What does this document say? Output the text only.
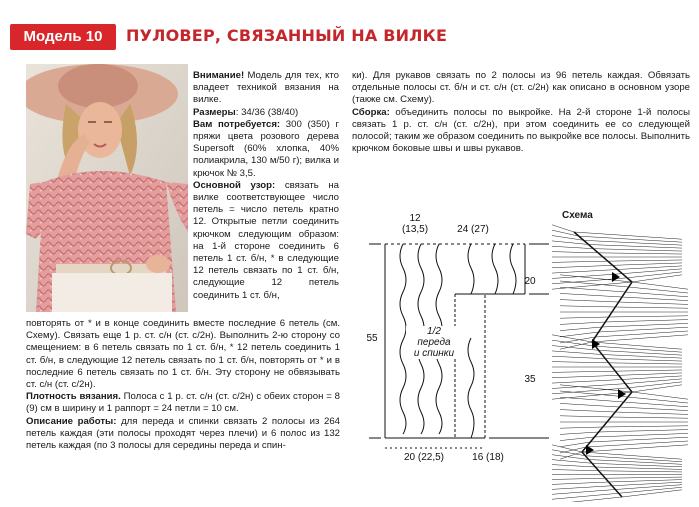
Модель 10	ПУЛОВЕР, СВЯЗАННЫЙ НА ВИЛКЕ

Внимание! Модель для тех, кто владеет техникой вязания на вилке.

Размеры: 34/36 (38/40)

Вам потребуется: 300 (350) г пряжи цвета розового дерева Supersoft (60% хлопка, 40% полиакрила, 130 м/50 г); вилка и крючок № 3,5.

Основной узор: связать на вилке соответствующее число петель = число петель кратно 12. Открытые петли соединить крючком следующим образом: на 1-й стороне соединить 6 петель 1 ст. б/н, * в следующие 12 петель связать по 1 ст. б/н, следующие 12 петель соединить 1 ст. б/н,

повторять от * и в конце соединить вместе последние 6 петель (см. Схему). Связать еще 1 р. ст. с/н (ст. с/2н). Выполнить 2-ю сторону со смещением: в 6 петель связать по 1 ст. б/н, * 12 петель соединить 1 ст. б/н, в следующие 12 петель связать по 1 ст. б/н, повторять от * и в последние 6 петель связать по 1 ст. б/н. Эту сторону не обвязывать ст. с/н (ст. с/2н).

Плотность вязания. Полоса с 1 р. ст. с/н (ст. с/2н) с обеих сторон = 8 (9) см в ширину и 1 раппорт = 24 петли = 10 см.

Описание работы: для переда и спинки связать 2 полосы из 264 петель каждая (эти полосы проходят через плечи) и 6 полос из 132 петель каждая (по 3 полосы для середины переда и спин-

ки). Для рукавов связать по 2 полосы из 96 петель каждая. Обвязать отдельные полосы ст. б/н и ст. с/н (ст. с/2н) как описано в основном узоре (также см. Схему).

Сборка: объединить полосы по выкройке. На 2-й стороне 1-й полосы связать 1 р. ст. с/н (ст. с/2н), при этом соединить ее со следующей полосой; таким же образом соединить по выкройке все полосы. Выполнить крючком боковые швы и швы рукавов.

12
(13,5)	24 (27)
20
55
35
20 (22,5)	16 (18)
1/2
переда
и спинки
Схема
